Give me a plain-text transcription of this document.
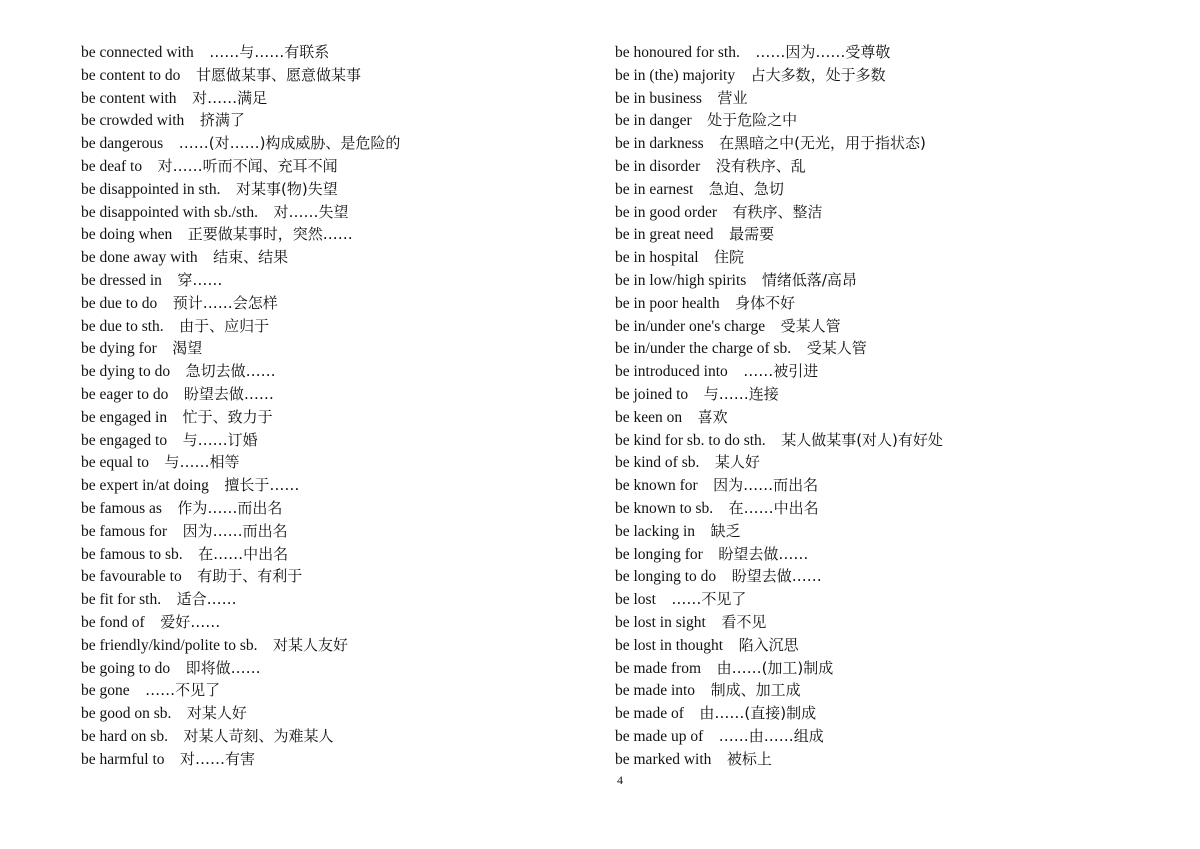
be connected with  ……与……有联系
be content to do  甘愿做某事、愿意做某事
be content with  对……满足
be crowded with  挤满了
be dangerous  ……(对……)构成威胁、是危险的
be deaf to  对……听而不闻、充耳不闻
be disappointed in sth.  对某事(物)失望
be disappointed with sb./sth.  对……失望
be doing when  正要做某事时，突然……
be done away with  结束、结果
be dressed in  穿……
be due to do  预计……会怎样
be due to sth.  由于、应归于
be dying for  渴望
be dying to do  急切去做……
be eager to do  盼望去做……
be engaged in  忙于、致力于
be engaged to  与……订婚
be equal to  与……相等
be expert in/at doing  擅长于……
be famous as  作为……而出名
be famous for  因为……而出名
be famous to sb.  在……中出名
be favourable to  有助于、有利于
be fit for sth.  适合……
be fond of  爱好……
be friendly/kind/polite to sb.  对某人友好
be going to do  即将做……
be gone  ……不见了
be good on sb.  对某人好
be hard on sb.  对某人苛刻、为难某人
be harmful to  对……有害
be honoured for sth.  ……因为……受尊敬
be in (the) majority  占大多数，处于多数
be in business  营业
be in danger  处于危险之中
be in darkness  在黑暗之中(无光，用于指状态)
be in disorder  没有秩序、乱
be in earnest  急迫、急切
be in good order  有秩序、整洁
be in great need  最需要
be in hospital  住院
be in low/high spirits  情绪低落/高昂
be in poor health  身体不好
be in/under one's charge  受某人管
be in/under the charge of sb.  受某人管
be introduced into  ……被引进
be joined to  与……连接
be keen on  喜欢
be kind for sb. to do sth.  某人做某事(对人)有好处
be kind of sb.  某人好
be known for  因为……而出名
be known to sb.  在……中出名
be lacking in  缺乏
be longing for  盼望去做……
be longing to do  盼望去做……
be lost  ……不见了
be lost in sight  看不见
be lost in thought  陷入沉思
be made from  由……(加工)制成
be made into  制成、加工成
be made of  由……(直接)制成
be made up of  ……由……组成
be marked with  被标上
4
